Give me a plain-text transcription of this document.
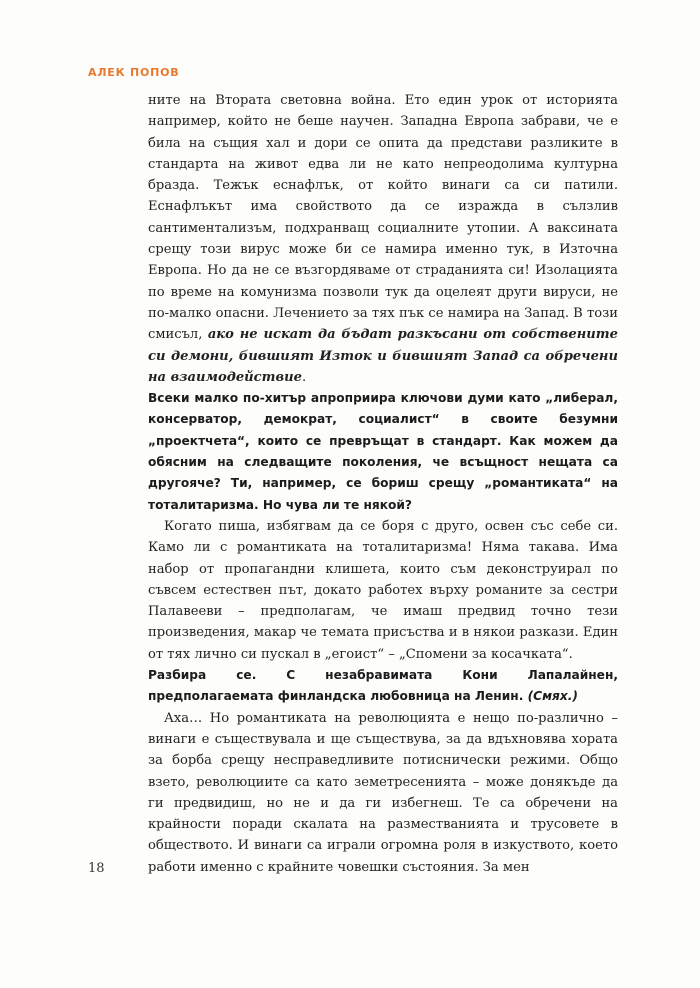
АЛЕК ПОПОВ
18

ните на Втората световна война. Ето един урок от историята например, който не беше научен. Западна Европа забрави, че е била на същия хал и дори се опита да представи разликите в стандарта на живот едва ли не като непреодолима културна бразда. Тежък еснафлък, от който винаги са си патили. Еснафлъкът има свойството да се изражда в сълзлив сантиментализъм, подхранващ социалните утопии. А ваксината срещу този вирус може би се намира именно тук, в Източна Европа. Но да не се възгордяваме от страданията си! Изолацията по време на комунизма позволи тук да оцелеят други вируси, не по-малко опасни. Лечението за тях пък се намира на Запад. В този смисъл, ако не искат да бъдат разкъсани от собствените си демони, бившият Изток и бившият Запад са обречени на взаимодействие.

Всеки малко по-хитър апроприира ключови думи като „либерал, консерватор, демократ, социалист“ в своите безумни „проектчета“, които се превръщат в стандарт. Как можем да обясним на следващите поколения, че всъщност нещата са другояче? Ти, например, се бориш срещу „романтиката“ на тоталитаризма. Но чува ли те някой?

Когато пиша, избягвам да се боря с друго, освен със себе си. Камо ли с романтиката на тоталитаризма! Няма такава. Има набор от пропагандни клишета, които съм деконструирал по съвсем естествен път, докато работех върху романите за сестри Палавееви – предполагам, че имаш предвид точно тези произведения, макар че темата присъства и в някои разкази. Един от тях лично си пускал в „егоист“ – „Спомени за косачката“.

Разбира се. С незабравимата Кони Лапалайнен, предполагаемата финландска любовница на Ленин. (Смях.)

Аха… Но романтиката на революцията е нещо по-различно – винаги е съществувала и ще съществува, за да вдъхновява хората за борба срещу несправедливите потиснически режими. Общо взето, революциите са като земетресенията – може донякъде да ги предвидиш, но не и да ги избегнеш. Те са обречени на крайности поради скалата на разместванията и трусовете в обществото. И винаги са играли огромна роля в изкуството, което работи именно с крайните човешки състояния. За мен
